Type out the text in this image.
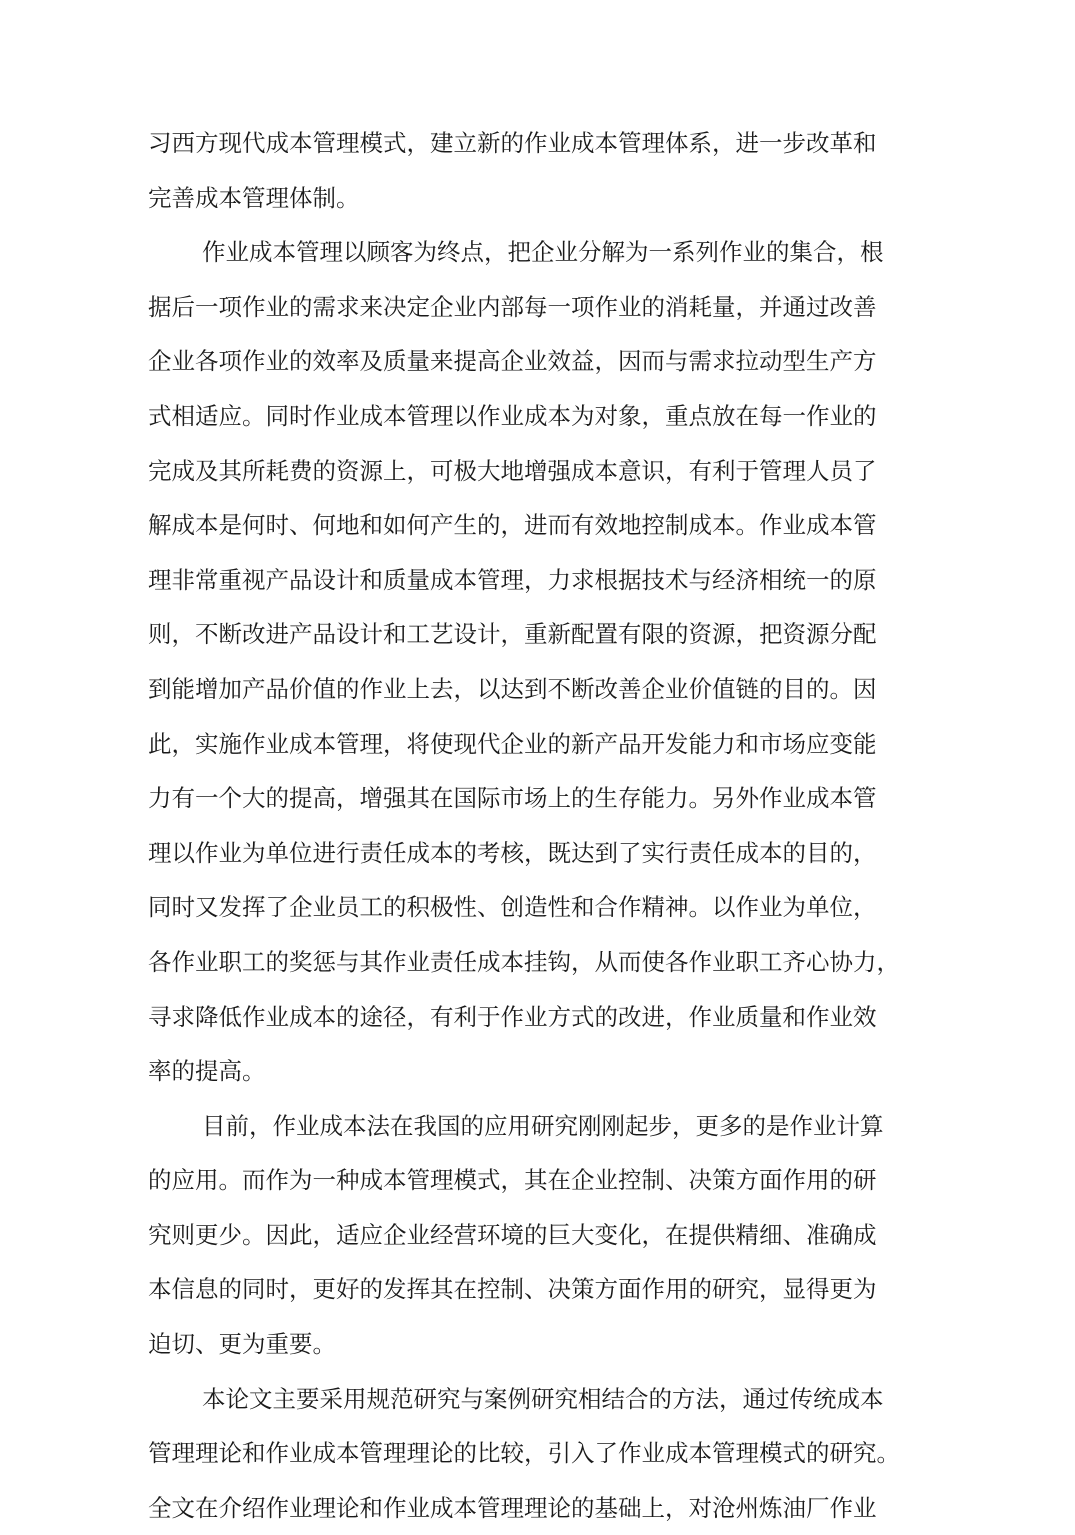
习西方现代成本管理模式，建立新的作业成本管理体系，进一步改革和
完善成本管理体制。
作业成本管理以顾客为终点，把企业分解为一系列作业的集合，根
据后一项作业的需求来决定企业内部每一项作业的消耗量，并通过改善
企业各项作业的效率及质量来提高企业效益，因而与需求拉动型生产方
式相适应。同时作业成本管理以作业成本为对象，重点放在每一作业的
完成及其所耗费的资源上，可极大地增强成本意识，有利于管理人员了
解成本是何时、何地和如何产生的，进而有效地控制成本。作业成本管
理非常重视产品设计和质量成本管理，力求根据技术与经济相统一的原
则，不断改进产品设计和工艺设计，重新配置有限的资源，把资源分配
到能增加产品价值的作业上去，以达到不断改善企业价值链的目的。因
此，实施作业成本管理，将使现代企业的新产品开发能力和市场应变能
力有一个大的提高，增强其在国际市场上的生存能力。另外作业成本管
理以作业为单位进行责任成本的考核，既达到了实行责任成本的目的，
同时又发挥了企业员工的积极性、创造性和合作精神。以作业为单位，
各作业职工的奖惩与其作业责任成本挂钩，从而使各作业职工齐心协力，
寻求降低作业成本的途径，有利于作业方式的改进，作业质量和作业效
率的提高。
目前，作业成本法在我国的应用研究刚刚起步，更多的是作业计算
的应用。而作为一种成本管理模式，其在企业控制、决策方面作用的研
究则更少。因此，适应企业经营环境的巨大变化，在提供精细、准确成
本信息的同时，更好的发挥其在控制、决策方面作用的研究，显得更为
迫切、更为重要。
本论文主要采用规范研究与案例研究相结合的方法，通过传统成本
管理理论和作业成本管理理论的比较，引入了作业成本管理模式的研究。
全文在介绍作业理论和作业成本管理理论的基础上，对沧州炼油厂作业
